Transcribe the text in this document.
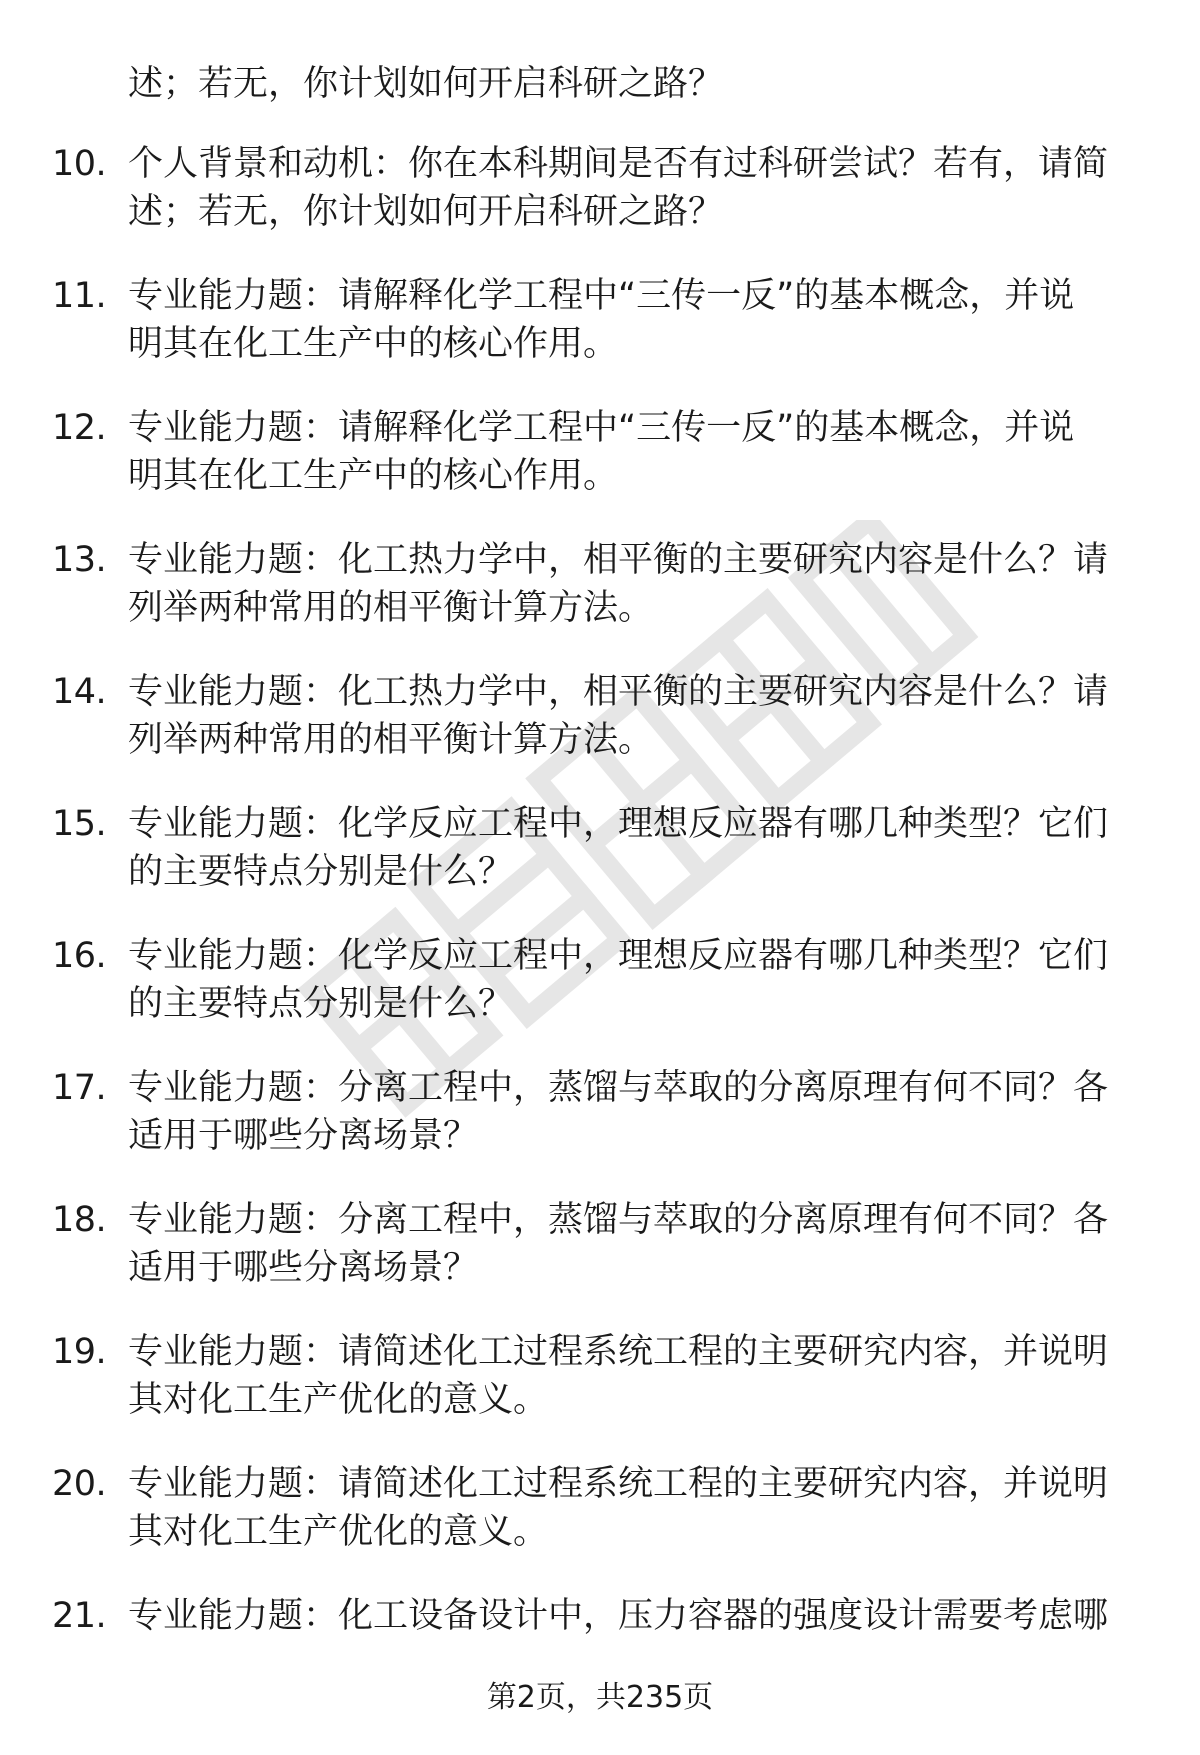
述；若无，你计划如何开启科研之路？
10. 个人背景和动机：你在本科期间是否有过科研尝试？若有，请简
述；若无，你计划如何开启科研之路？
11. 专业能力题：请解释化学工程中“三传一反”的基本概念，并说
明其在化工生产中的核心作用。
12. 专业能力题：请解释化学工程中“三传一反”的基本概念，并说
明其在化工生产中的核心作用。
13. 专业能力题：化工热力学中，相平衡的主要研究内容是什么？请
列举两种常用的相平衡计算方法。
14. 专业能力题：化工热力学中，相平衡的主要研究内容是什么？请
列举两种常用的相平衡计算方法。
15. 专业能力题：化学反应工程中，理想反应器有哪几种类型？它们
的主要特点分别是什么？
16. 专业能力题：化学反应工程中，理想反应器有哪几种类型？它们
的主要特点分别是什么？
17. 专业能力题：分离工程中，蒸馏与萃取的分离原理有何不同？各
适用于哪些分离场景？
18. 专业能力题：分离工程中，蒸馏与萃取的分离原理有何不同？各
适用于哪些分离场景？
19. 专业能力题：请简述化工过程系统工程的主要研究内容，并说明
其对化工生产优化的意义。
20. 专业能力题：请简述化工过程系统工程的主要研究内容，并说明
其对化工生产优化的意义。
21. 专业能力题：化工设备设计中，压力容器的强度设计需要考虑哪
第2页，共235页
